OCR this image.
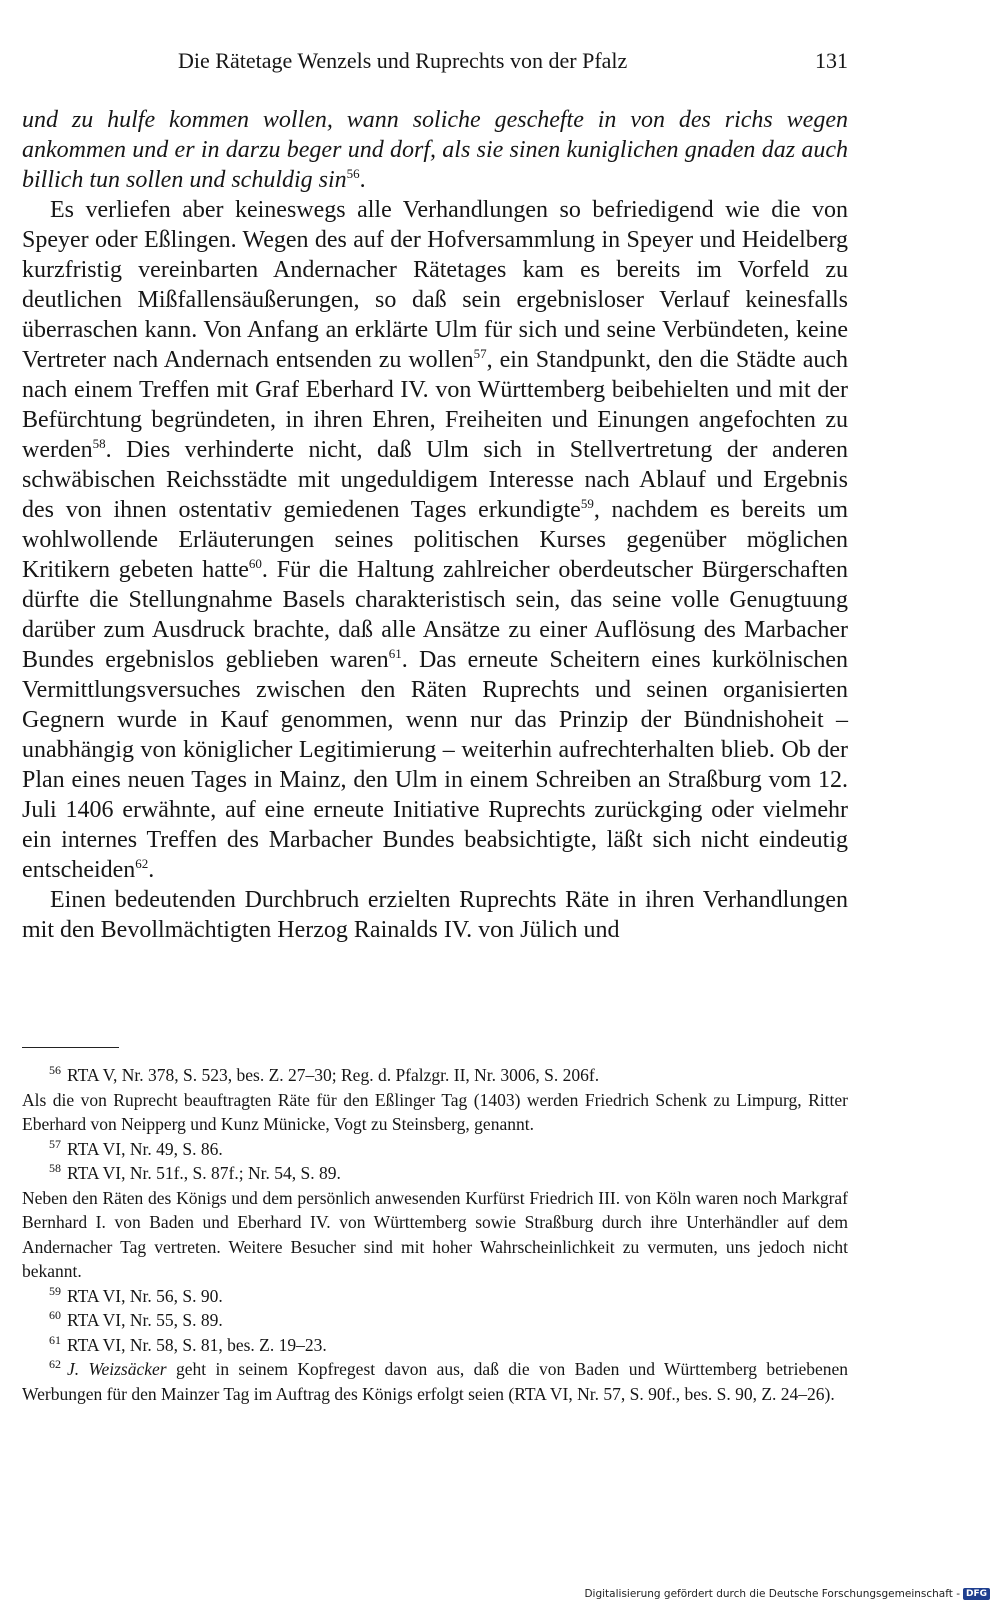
Die Rätetage Wenzels und Ruprechts von der Pfalz	131

und zu hulfe kommen wollen, wann soliche geschefte in von des richs wegen ankommen und er in darzu beger und dorf, als sie sinen kuniglichen gnaden daz auch billich tun sollen und schuldig $\sin^{56}$.

Es verliefen aber keineswegs alle Verhandlungen so befriedigend wie die von Speyer oder Eßlingen. Wegen des auf der Hofversammlung in Speyer und Heidelberg kurzfristig vereinbarten Andernacher Rätetages kam es bereits im Vorfeld zu deutlichen Mißfallensäußerungen, so daß sein ergebnisloser Verlauf keinesfalls überraschen kann. Von Anfang an erklärte Ulm für sich und seine Verbündeten, keine Vertreter nach Andernach entsenden zu wollen$^{57}$, ein Standpunkt, den die Städte auch nach einem Treffen mit Graf Eberhard IV. von Württemberg beibehielten und mit der Befürchtung begründeten, in ihren Ehren, Freiheiten und Einungen angefochten zu werden$^{58}$. Dies verhinderte nicht, daß Ulm sich in Stellvertretung der anderen schwäbischen Reichsstädte mit ungeduldigem Interesse nach Ablauf und Ergebnis des von ihnen ostentativ gemiedenen Tages erkundigte$^{59}$, nachdem es bereits um wohlwollende Erläuterungen seines politischen Kurses gegenüber möglichen Kritikern gebeten hatte$^{60}$. Für die Haltung zahlreicher oberdeutscher Bürgerschaften dürfte die Stellungnahme Basels charakteristisch sein, das seine volle Genugtuung darüber zum Ausdruck brachte, daß alle Ansätze zu einer Auflösung des Marbacher Bundes ergebnislos geblieben waren$^{61}$. Das erneute Scheitern eines kurkölnischen Vermittlungsversuches zwischen den Räten Ruprechts und seinen organisierten Gegnern wurde in Kauf genommen, wenn nur das Prinzip der Bündnishoheit – unabhängig von königlicher Legitimierung – weiterhin aufrechterhalten blieb. Ob der Plan eines neuen Tages in Mainz, den Ulm in einem Schreiben an Straßburg vom 12. Juli 1406 erwähnte, auf eine erneute Initiative Ruprechts zurückging oder vielmehr ein internes Treffen des Marbacher Bundes beabsichtigte, läßt sich nicht eindeutig entscheiden$^{62}$.

Einen bedeutenden Durchbruch erzielten Ruprechts Räte in ihren Verhandlungen mit den Bevollmächtigten Herzog Rainalds IV. von Jülich und

56 RTA V, Nr. 378, S. 523, bes. Z. 27–30; Reg. d. Pfalzgr. II, Nr. 3006, S. 206f.

Als die von Ruprecht beauftragten Räte für den Eßlinger Tag (1403) werden Friedrich Schenk zu Limpurg, Ritter Eberhard von Neipperg und Kunz Münicke, Vogt zu Steinsberg, genannt.

57 RTA VI, Nr. 49, S. 86.

58 RTA VI, Nr. 51f., S. 87f.; Nr. 54, S. 89.

Neben den Räten des Königs und dem persönlich anwesenden Kurfürst Friedrich III. von Köln waren noch Markgraf Bernhard I. von Baden und Eberhard IV. von Württemberg sowie Straßburg durch ihre Unterhändler auf dem Andernacher Tag vertreten. Weitere Besucher sind mit hoher Wahrscheinlichkeit zu vermuten, uns jedoch nicht bekannt.

59 RTA VI, Nr. 56, S. 90.

60 RTA VI, Nr. 55, S. 89.

61 RTA VI, Nr. 58, S. 81, bes. Z. 19–23.

62 J. Weizsäcker geht in seinem Kopfregest davon aus, daß die von Baden und Württemberg betriebenen Werbungen für den Mainzer Tag im Auftrag des Königs erfolgt seien (RTA VI, Nr. 57, S. 90f., bes. S. 90, Z. 24–26).

Digitalisierung gefördert durch die Deutsche Forschungsgemeinschaft - DFG
